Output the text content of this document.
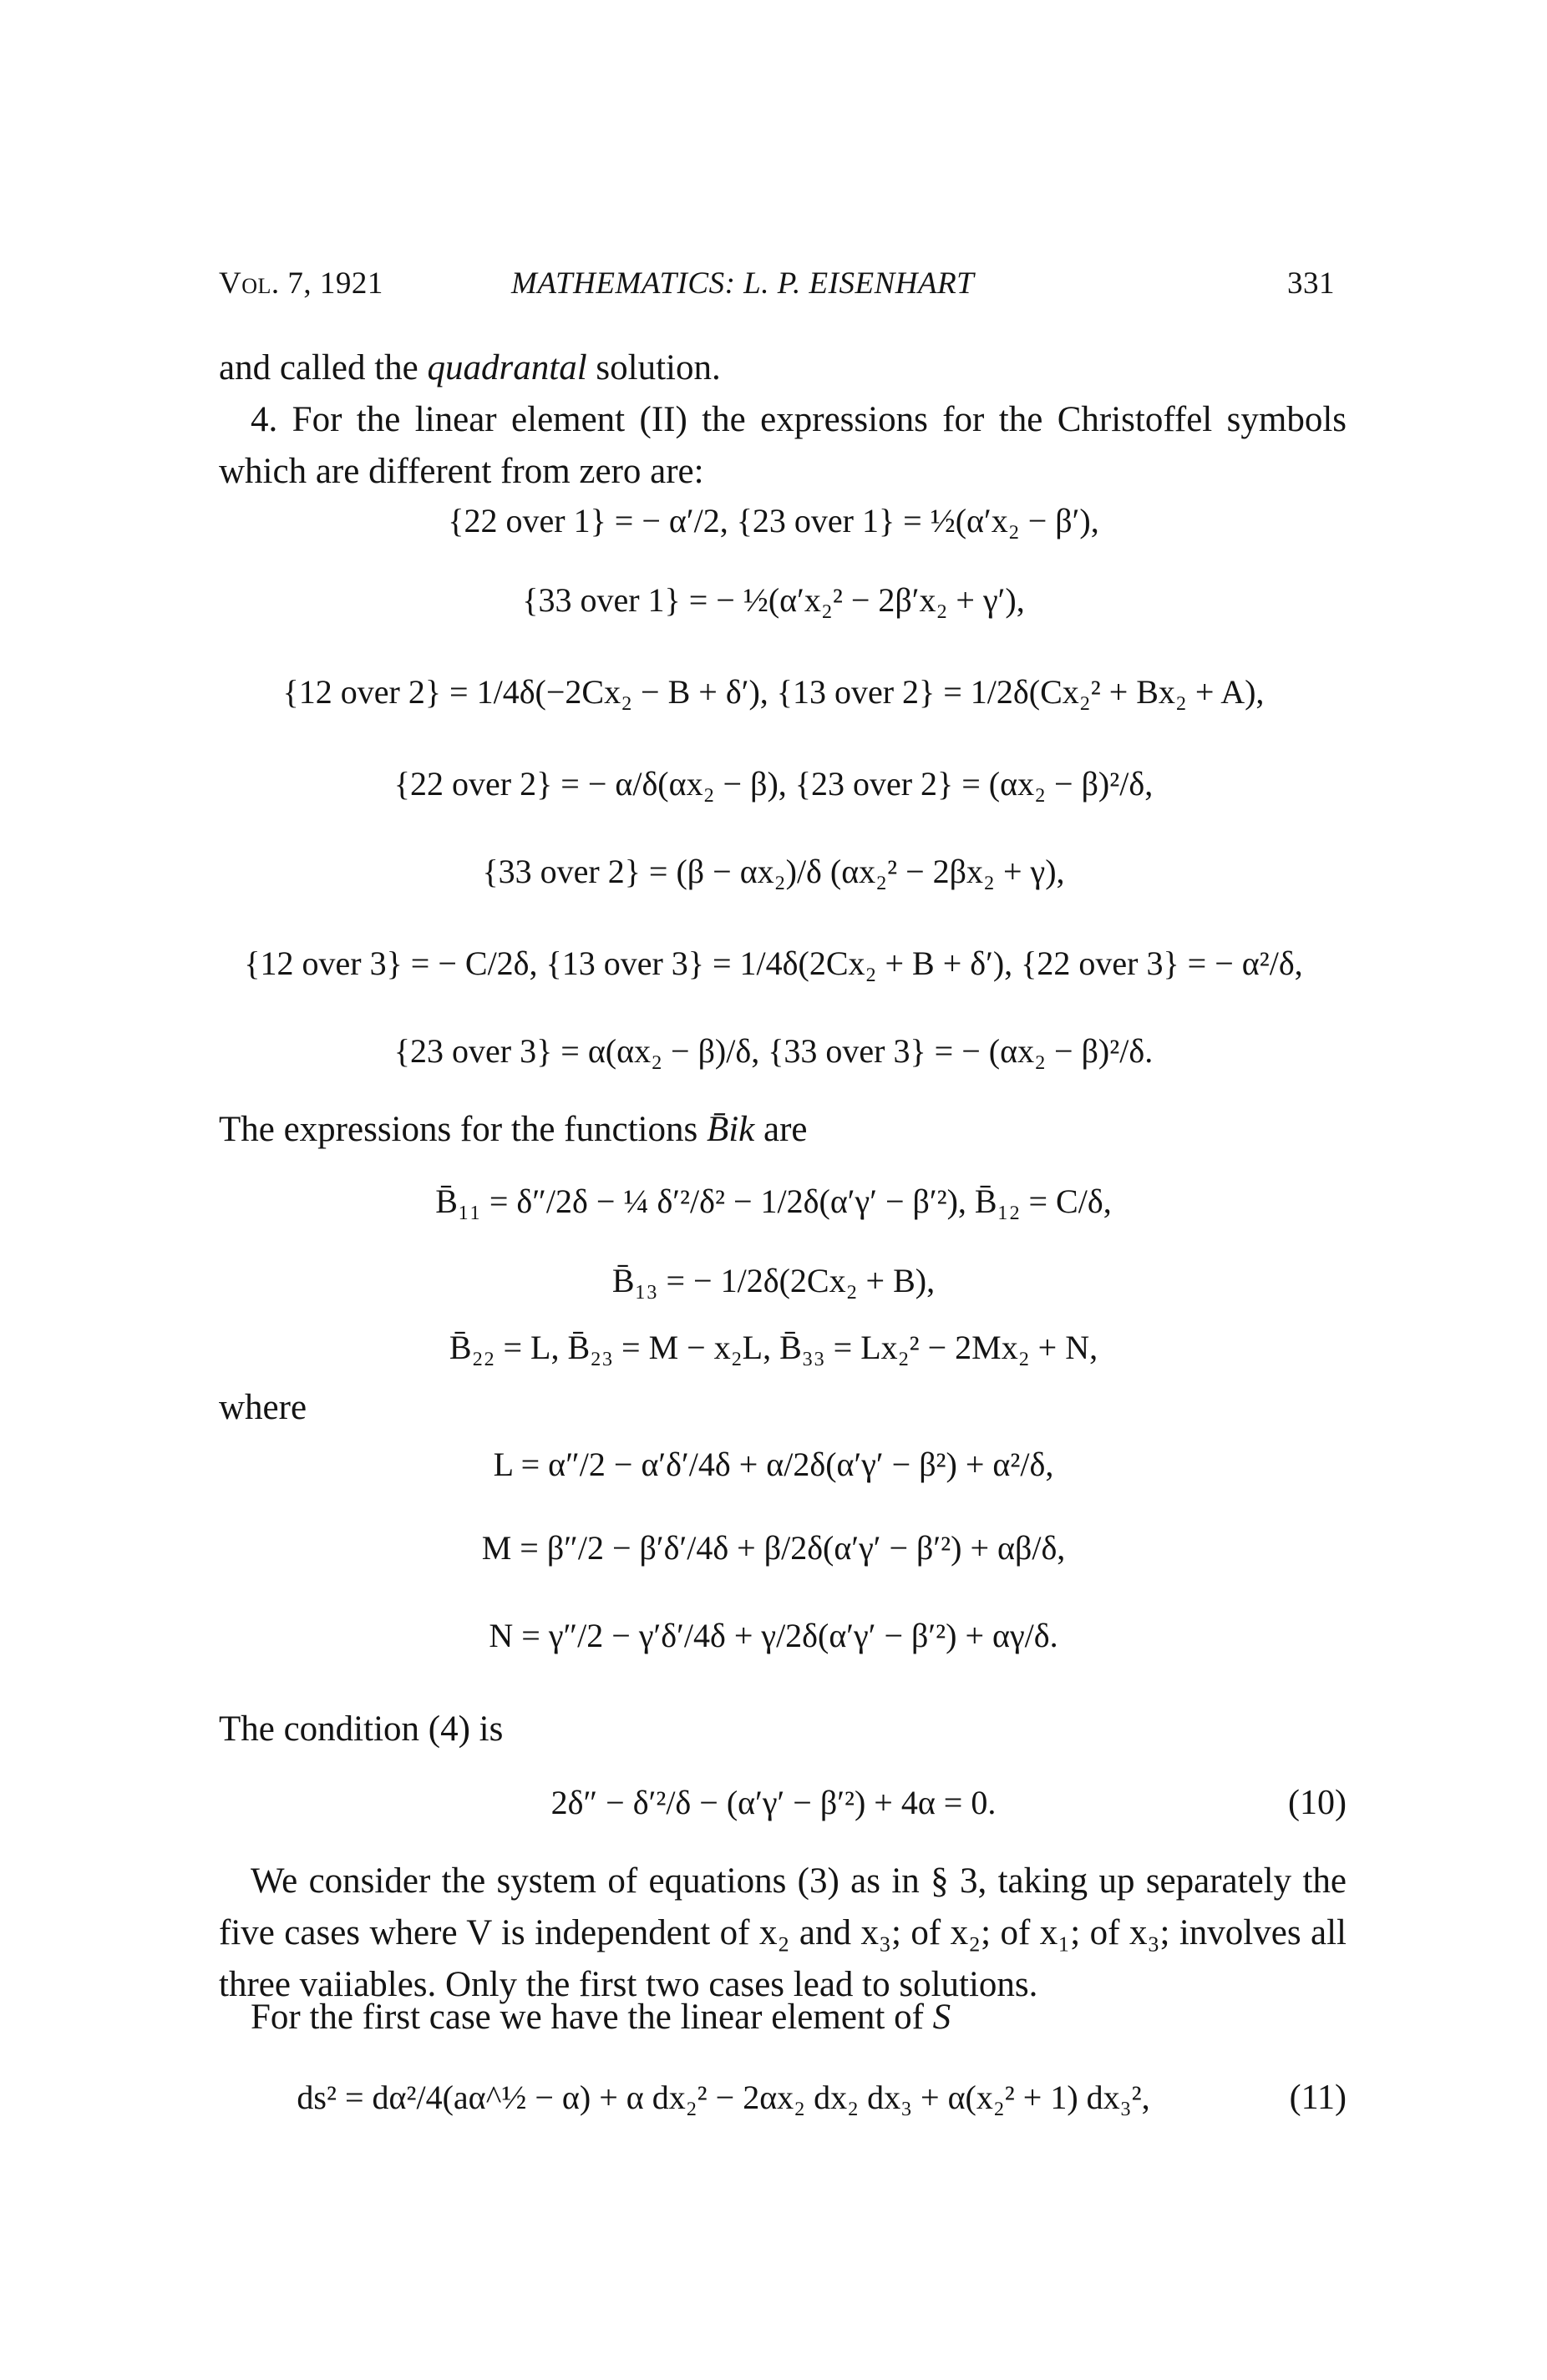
Vol. 7, 1921	MATHEMATICS: L. P. EISENHART	331

and called the quadrantal solution.

4. For the linear element (II) the expressions for the Christoffel symbols which are different from zero are:

{22 over 1} = − α′/2, {23 over 1} = ½(α′x₂ − β′),
{33 over 1} = − ½(α′x₂² − 2β′x₂ + γ′),
{12 over 2} = 1/4δ(−2Cx₂ − B + δ′), {13 over 2} = 1/2δ(Cx₂² + Bx₂ + A),
{22 over 2} = − α/δ(αx₂ − β), {23 over 2} = (αx₂ − β)²/δ,
{33 over 2} = (β − αx₂)/δ (αx₂² − 2βx₂ + γ),
{12 over 3} = − C/2δ, {13 over 3} = 1/4δ(2Cx₂ + B + δ′), {22 over 3} = − α²/δ,
{23 over 3} = α(αx₂ − β)/δ, {33 over 3} = − (αx₂ − β)²/δ.
The expressions for the functions B̄ik are
B̄₁₁ = δ″/2δ − ¼ δ′²/δ² − 1/2δ(α′γ′ − β′²), B̄₁₂ = C/δ,
B̄₁₃ = − 1/2δ(2Cx₂ + B),
B̄₂₂ = L, B̄₂₃ = M − x₂L, B̄₃₃ = Lx₂² − 2Mx₂ + N,
where
L = α″/2 − α′δ′/4δ + α/2δ(α′γ′ − β²) + α²/δ,
M = β″/2 − β′δ′/4δ + β/2δ(α′γ′ − β′²) + αβ/δ,
N = γ″/2 − γ′δ′/4δ + γ/2δ(α′γ′ − β′²) + αγ/δ.
The condition (4) is
2δ″ − δ′²/δ − (α′γ′ − β′²) + 4α = 0.	(10)

We consider the system of equations (3) as in § 3, taking up separately the five cases where V is independent of x₂ and x₃; of x₂; of x₁; of x₃; involves all three vaiiables. Only the first two cases lead to solutions.

For the first case we have the linear element of S
ds² = dα²/4(aα^½ − α) + α dx₂² − 2αx₂ dx₂ dx₃ + α(x₂² + 1) dx₃²,	(11)
